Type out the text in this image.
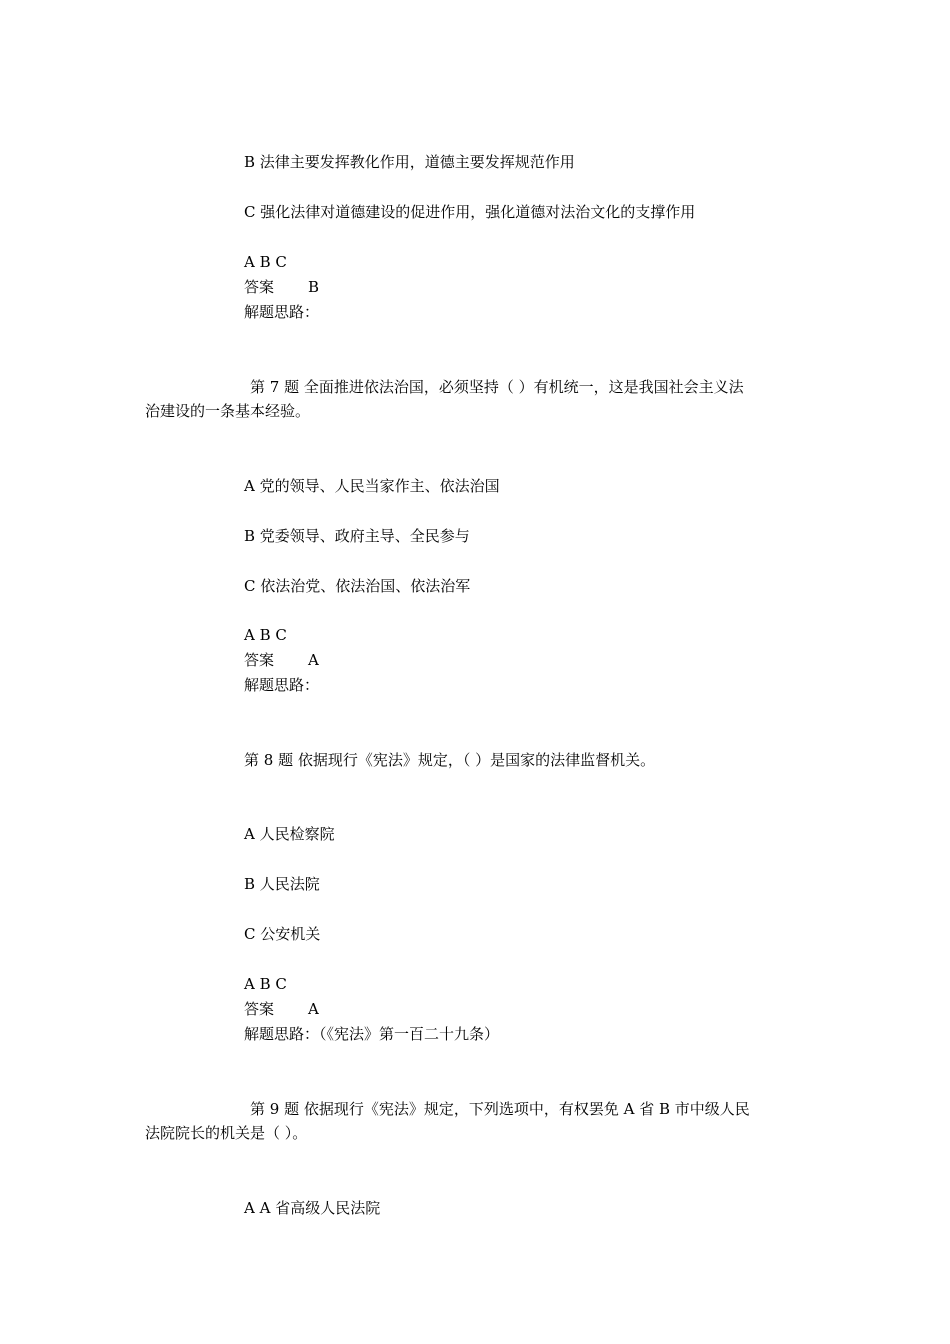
B 法律主要发挥教化作用，道德主要发挥规范作用
C 强化法律对道德建设的促进作用，强化道德对法治文化的支撑作用
A B C
答案 B
解题思路：
第 7 题 全面推进依法治国，必须坚持（ ）有机统一，这是我国社会主义法
治建设的一条基本经验。
A 党的领导、人民当家作主、依法治国
B 党委领导、政府主导、全民参与
C 依法治党、依法治国、依法治军
A B C
答案 A
解题思路：
第 8 题 依据现行《宪法》规定，（ ）是国家的法律监督机关。
A 人民检察院
B 人民法院
C 公安机关
A B C
答案 A
解题思路：（《宪法》第一百二十九条）
第 9 题 依据现行《宪法》规定，下列选项中，有权罢免 A 省 B 市中级人民
法院院长的机关是（ ）。
A A 省高级人民法院
